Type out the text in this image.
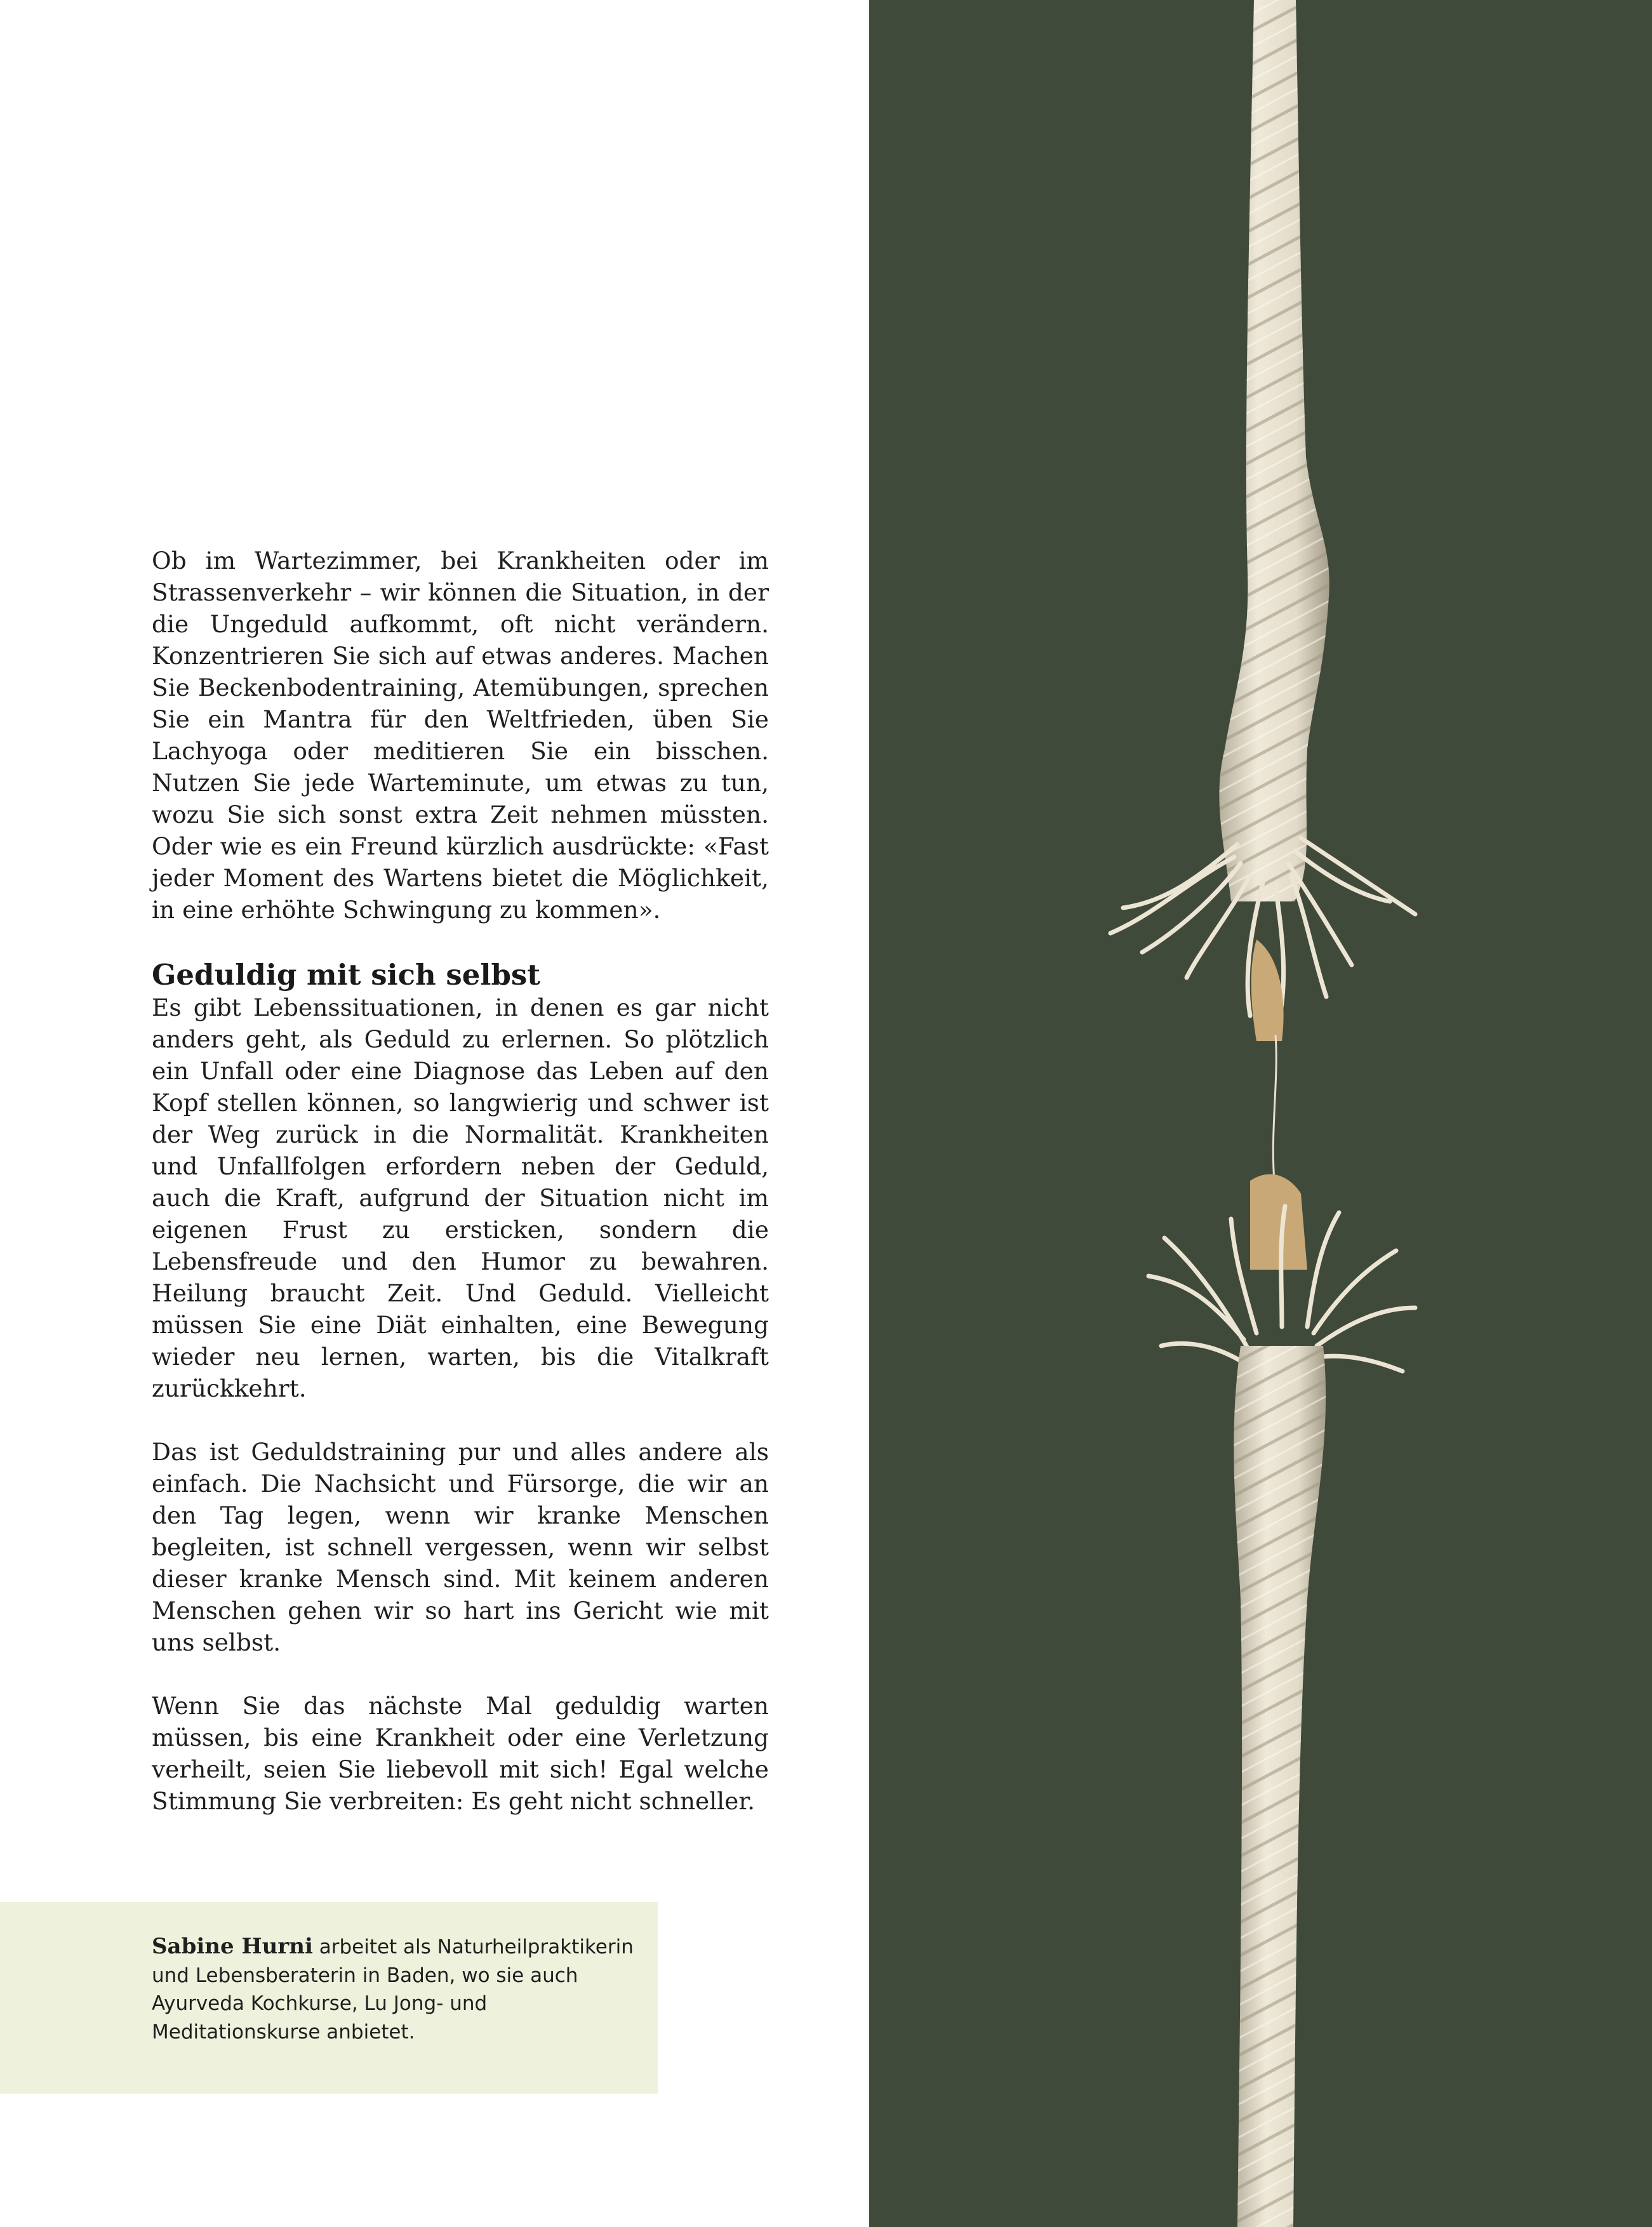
Ob im Wartezimmer, bei Krankheiten oder im Strassenverkehr – wir können die Situation, in der die Ungeduld aufkommt, oft nicht verändern. Konzentrieren Sie sich auf etwas anderes. Machen Sie Beckenbodentraining, Atemübungen, sprechen Sie ein Mantra für den Weltfrieden, üben Sie Lachyoga oder meditieren Sie ein bisschen. Nutzen Sie jede Warteminute, um etwas zu tun, wozu Sie sich sonst extra Zeit nehmen müssten. Oder wie es ein Freund kürzlich ausdrückte: «Fast jeder Moment des Wartens bietet die Möglichkeit, in eine erhöhte Schwingung zu kommen».

Geduldig mit sich selbst

Es gibt Lebenssituationen, in denen es gar nicht anders geht, als Geduld zu erlernen. So plötzlich ein Unfall oder eine Diagnose das Leben auf den Kopf stellen können, so langwierig und schwer ist der Weg zurück in die Normalität. Krankheiten und Unfallfolgen erfordern neben der Geduld, auch die Kraft, aufgrund der Situation nicht im eigenen Frust zu ersticken, sondern die Lebensfreude und den Humor zu bewahren. Heilung braucht Zeit. Und Geduld. Vielleicht müssen Sie eine Diät einhalten, eine Bewegung wieder neu lernen, warten, bis die Vitalkraft zurückkehrt.

Das ist Geduldstraining pur und alles andere als einfach. Die Nachsicht und Fürsorge, die wir an den Tag legen, wenn wir kranke Menschen begleiten, ist schnell vergessen, wenn wir selbst dieser kranke Mensch sind. Mit keinem anderen Menschen gehen wir so hart ins Gericht wie mit uns selbst.

Wenn Sie das nächste Mal geduldig warten müssen, bis eine Krankheit oder eine Verletzung verheilt, seien Sie liebevoll mit sich! Egal welche Stimmung Sie verbreiten: Es geht nicht schneller.

Sabine Hurni arbeitet als Naturheilpraktikerin und Lebensberaterin in Baden, wo sie auch Ayurveda Kochkurse, Lu Jong- und Meditationskurse anbietet.
